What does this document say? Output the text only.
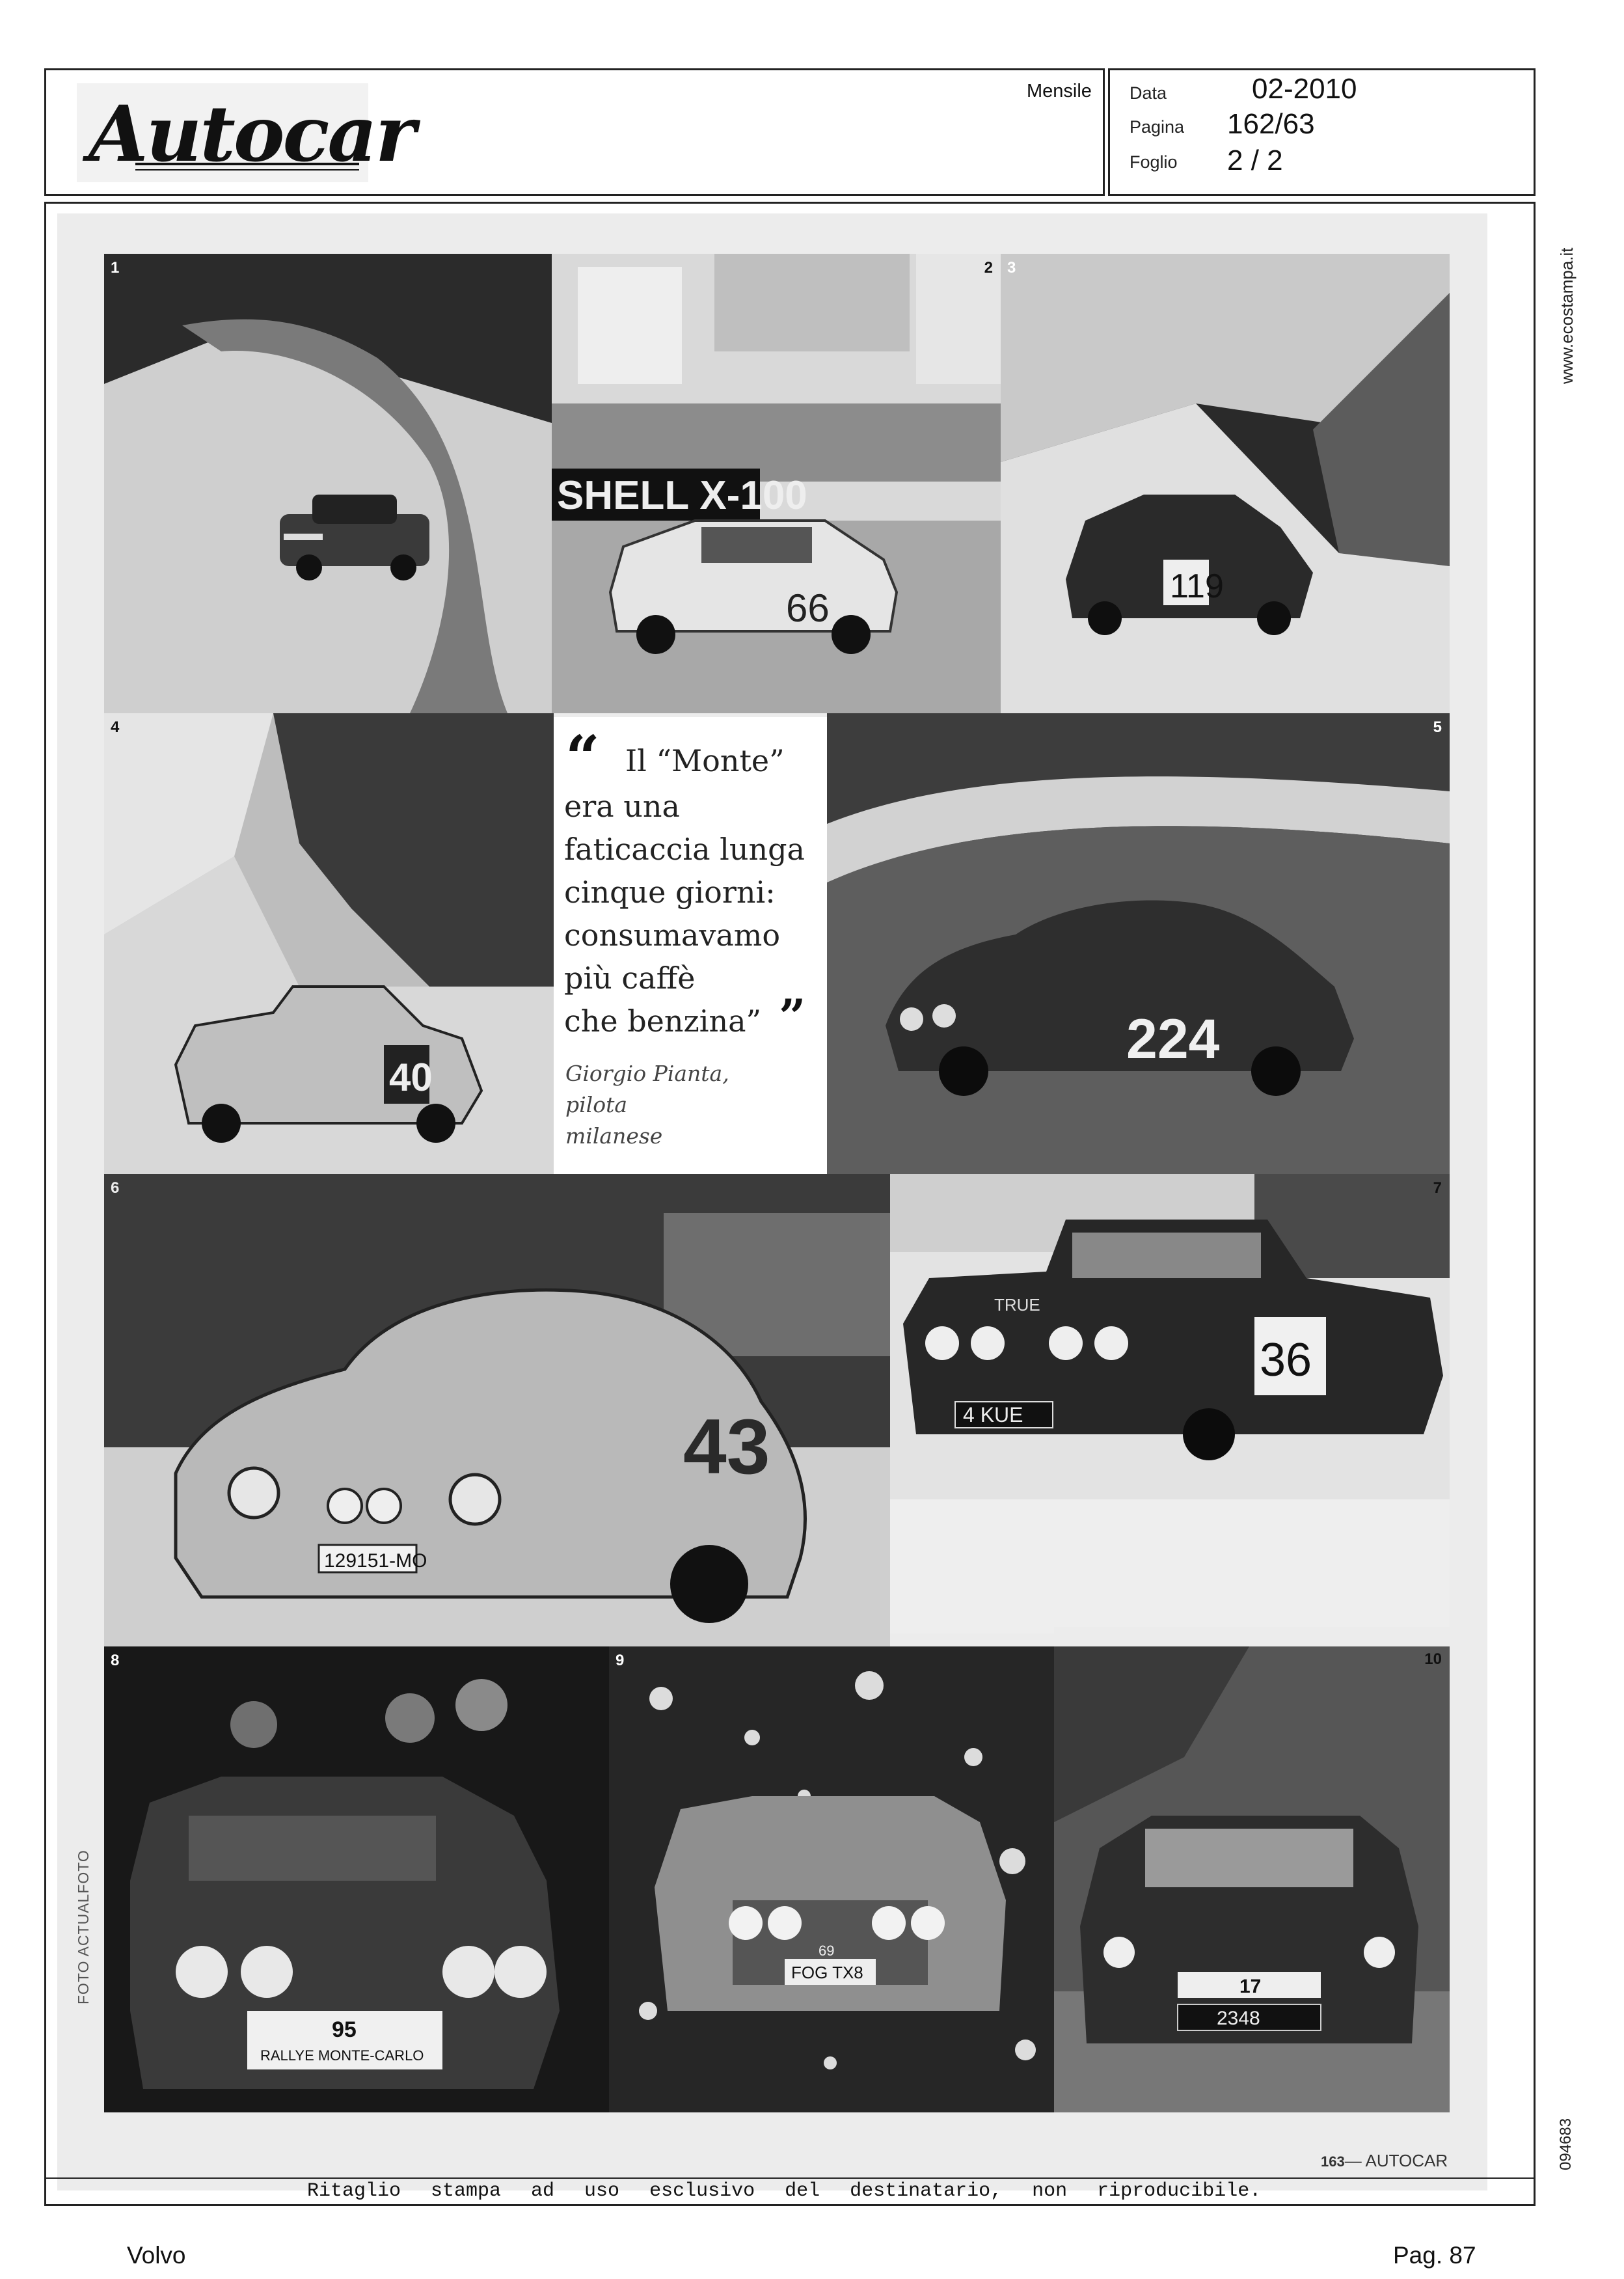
Autocar	Mensile Data	02-2010
Pagina 162/63
Foglio 2 / 2
www.ecostampa.it
094683
1
SHELL X-100
66
2
119
3
40
4	“ Il “Monte”
era una
faticaccia lunga
cinque giorni:
consumavamo
più caffè
che benzina” ”
Giorgio Pianta,
pilota
milanese
224
5
129151-MO
43
6
4 KUE
36
TRUE
7
95
RALLYE MONTE-CARLO
8
FOG TX8
69
9
17
2348
10
FOTO ACTUALFOTO
163— AUTOCAR
Ritaglio stampa ad uso esclusivo del destinatario, non riproducibile.
Volvo	Pag. 87
